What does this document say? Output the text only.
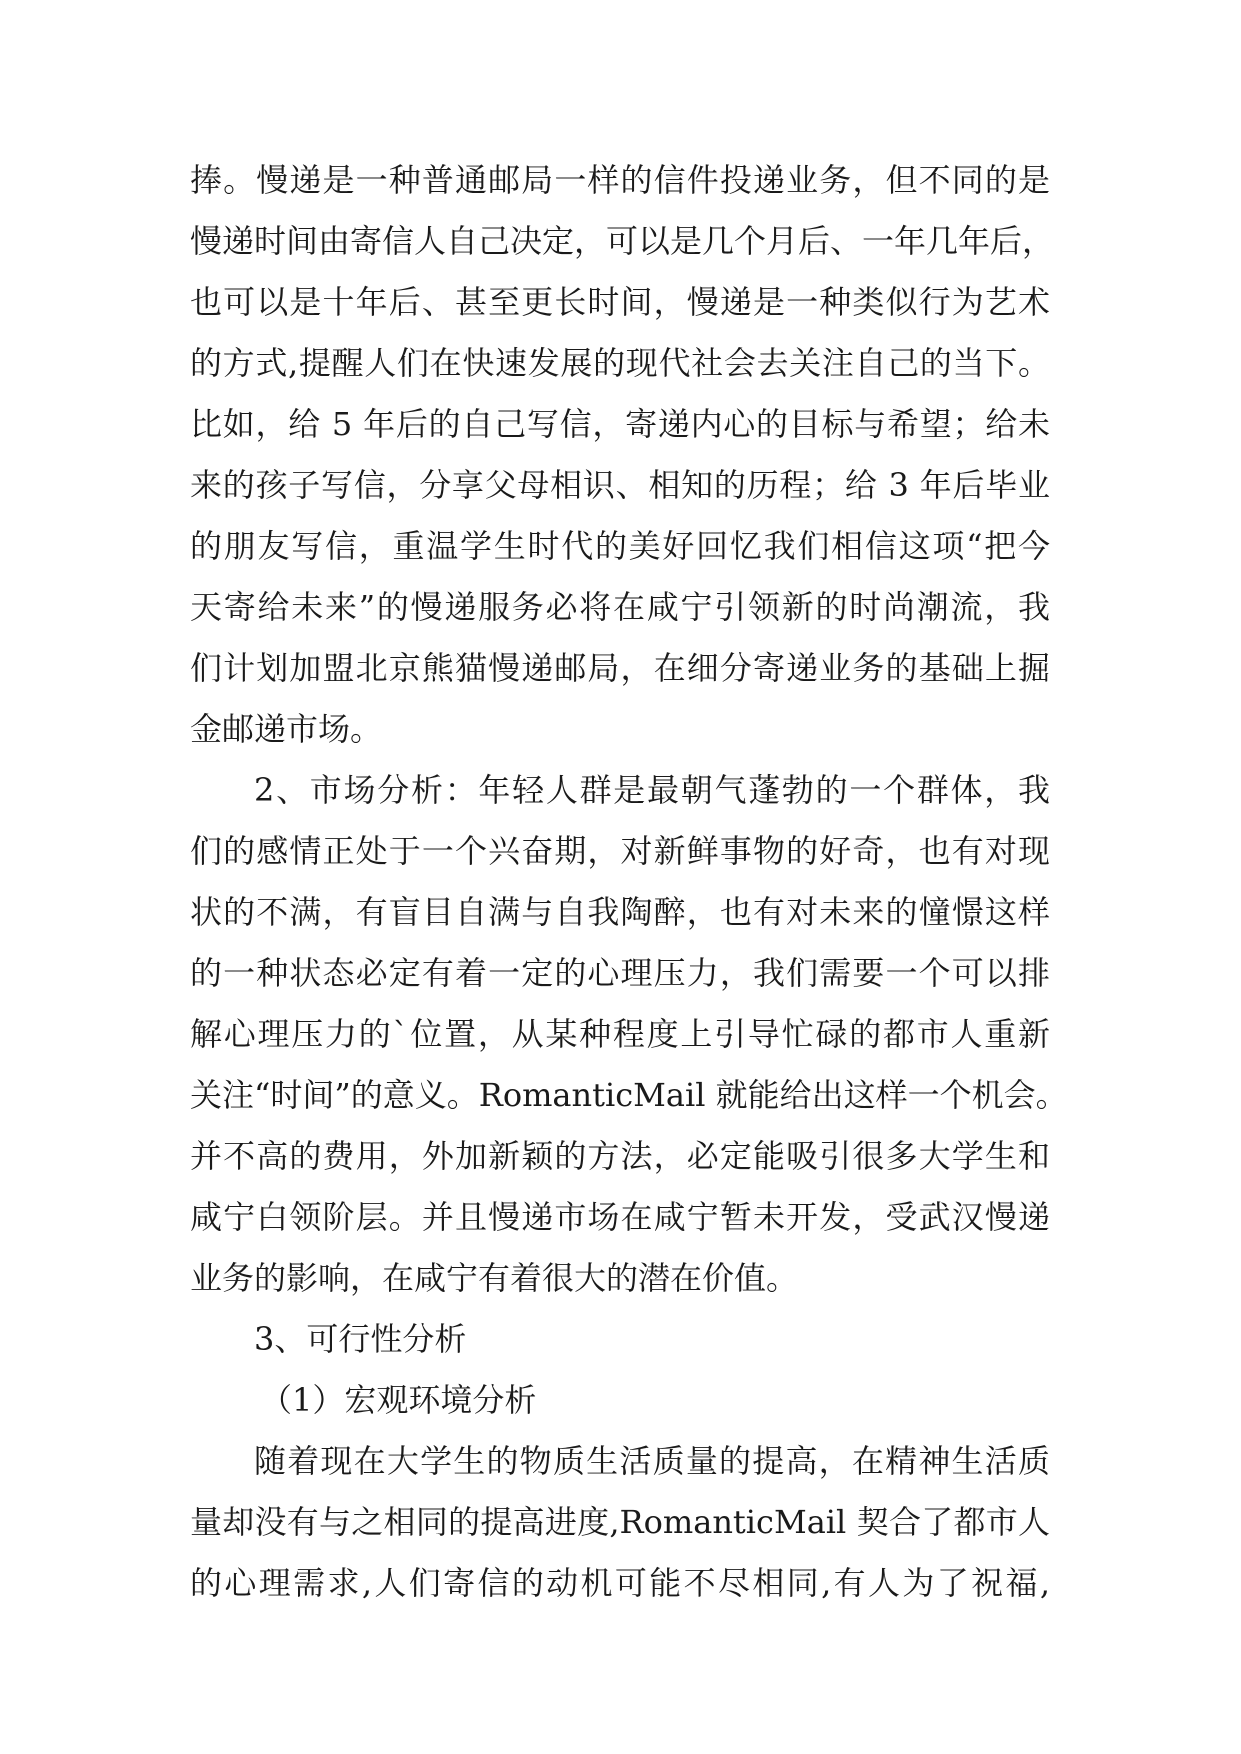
捧。慢递是一种普通邮局一样的信件投递业务，但不同的是
慢递时间由寄信人自己决定，可以是几个月后、一年几年后，
也可以是十年后、甚至更长时间，慢递是一种类似行为艺术
的方式,提醒人们在快速发展的现代社会去关注自己的当下。
比如，给 5 年后的自己写信，寄递内心的目标与希望；给未
来的孩子写信，分享父母相识、相知的历程；给 3 年后毕业
的朋友写信，重温学生时代的美好回忆我们相信这项“把今
天寄给未来”的慢递服务必将在咸宁引领新的时尚潮流，我
们计划加盟北京熊猫慢递邮局，在细分寄递业务的基础上掘
金邮递市场。
2、市场分析：年轻人群是最朝气蓬勃的一个群体，我
们的感情正处于一个兴奋期，对新鲜事物的好奇，也有对现
状的不满，有盲目自满与自我陶醉，也有对未来的憧憬这样
的一种状态必定有着一定的心理压力，我们需要一个可以排
解心理压力的`位置，从某种程度上引导忙碌的都市人重新
关注“时间”的意义。RomanticMail 就能给出这样一个机会。
并不高的费用，外加新颖的方法，必定能吸引很多大学生和
咸宁白领阶层。并且慢递市场在咸宁暂未开发，受武汉慢递
业务的影响，在咸宁有着很大的潜在价值。
3、可行性分析
（1）宏观环境分析
随着现在大学生的物质生活质量的提高，在精神生活质
量却没有与之相同的提高进度,RomanticMail 契合了都市人
的心理需求,人们寄信的动机可能不尽相同,有人为了祝福,
